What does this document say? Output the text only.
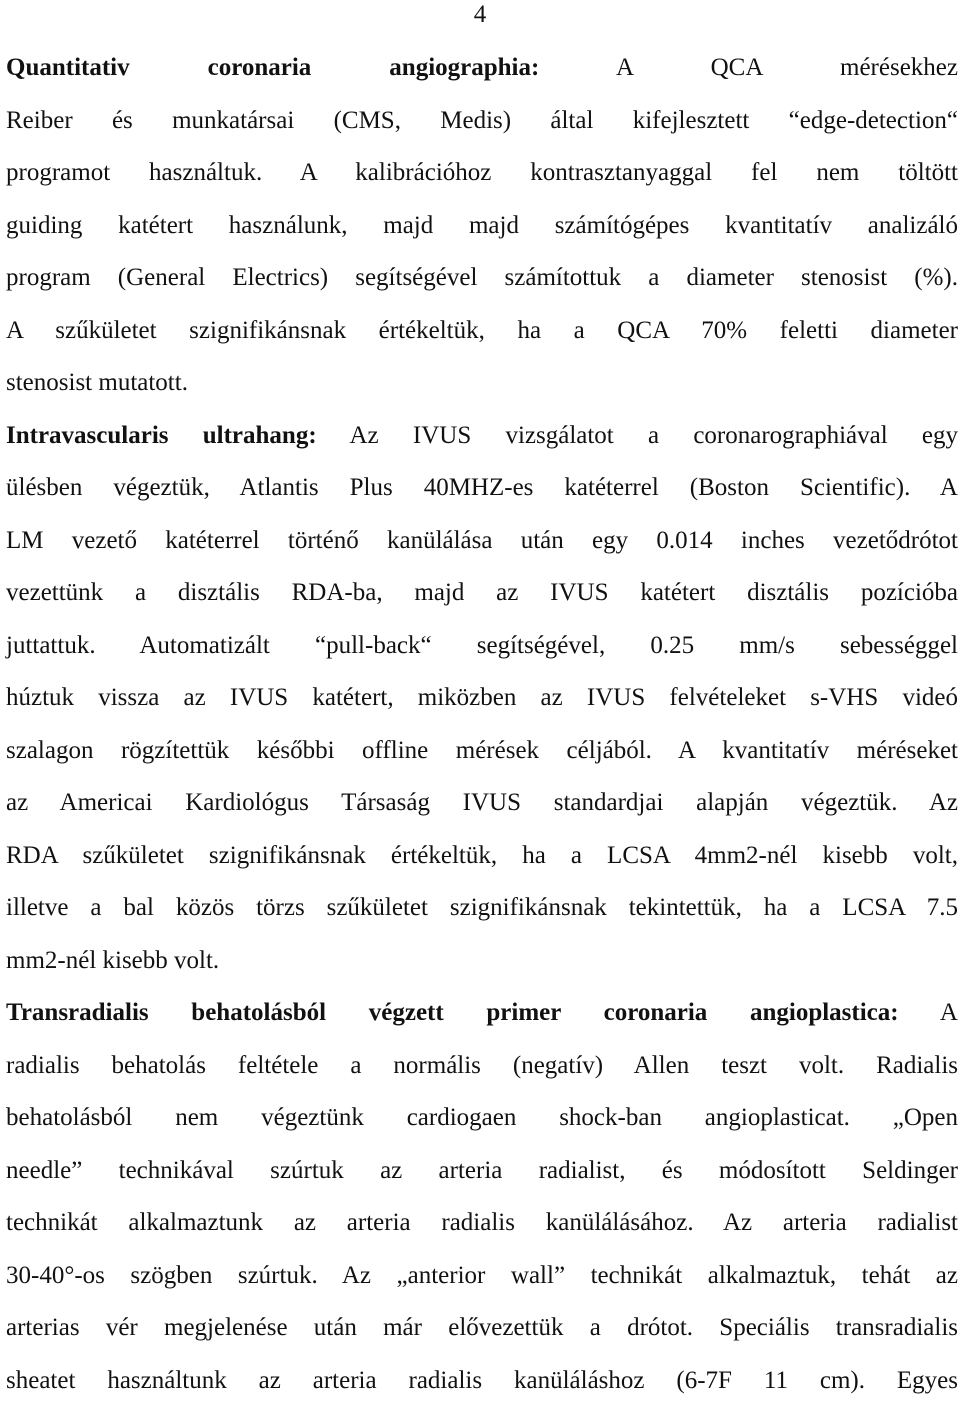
4
Quantitativ coronaria angiographia: A QCA mérésekhez
Reiber és munkatársai (CMS, Medis) által kifejlesztett “edge-detection“
programot használtuk. A kalibrációhoz kontrasztanyaggal fel nem töltött
guiding katétert használunk, majd majd számítógépes kvantitatív analizáló
program (General Electrics) segítségével számítottuk a diameter stenosist (%).
A szűkületet szignifikánsnak értékeltük, ha a QCA 70% feletti diameter
stenosist mutatott.
Intravascularis ultrahang: Az IVUS vizsgálatot a coronarographiával egy
ülésben végeztük, Atlantis Plus 40MHZ-es katéterrel (Boston Scientific). A
LM vezető katéterrel történő kanülálása után egy 0.014 inches vezetődrótot
vezettünk a disztális RDA-ba, majd az IVUS katétert disztális pozícióba
juttattuk. Automatizált “pull-back“ segítségével, 0.25 mm/s sebességgel
húztuk vissza az IVUS katétert, miközben az IVUS felvételeket s-VHS videó
szalagon rögzítettük későbbi offline mérések céljából. A kvantitatív méréseket
az Americai Kardiológus Társaság IVUS standardjai alapján végeztük. Az
RDA szűkületet szignifikánsnak értékeltük, ha a LCSA 4mm2-nél kisebb volt,
illetve a bal közös törzs szűkületet szignifikánsnak tekintettük, ha a LCSA 7.5
mm2-nél kisebb volt.
Transradialis behatolásból végzett primer coronaria angioplastica: A
radialis behatolás feltétele a normális (negatív) Allen teszt volt. Radialis
behatolásból nem végeztünk cardiogaen shock-ban angioplasticat. „Open
needle” technikával szúrtuk az arteria radialist, és módosított Seldinger
technikát alkalmaztunk az arteria radialis kanülálásához. Az arteria radialist
30-40°-os szögben szúrtuk. Az „anterior wall” technikát alkalmaztuk, tehát az
arterias vér megjelenése után már elővezettük a drótot. Speciális transradialis
sheatet használtunk az arteria radialis kanüláláshoz (6-7F 11 cm). Egyes
